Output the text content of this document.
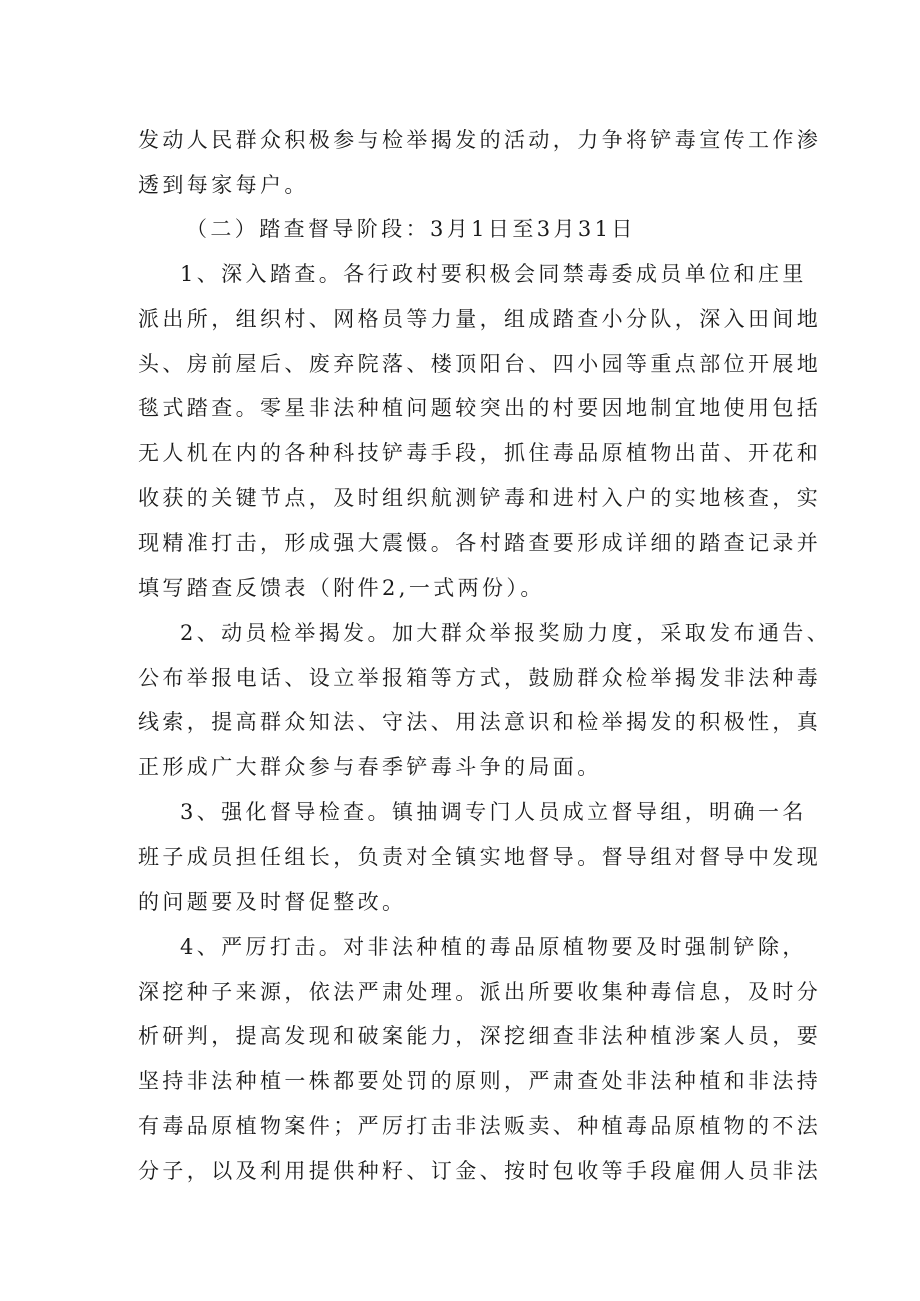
发动人民群众积极参与检举揭发的活动，力争将铲毒宣传工作渗
透到每家每户。
（二）踏查督导阶段：3月1日至3月31日
1、深入踏查。各行政村要积极会同禁毒委成员单位和庄里
派出所，组织村、网格员等力量，组成踏查小分队，深入田间地
头、房前屋后、废弃院落、楼顶阳台、四小园等重点部位开展地
毯式踏查。零星非法种植问题较突出的村要因地制宜地使用包括
无人机在内的各种科技铲毒手段，抓住毒品原植物出苗、开花和
收获的关键节点，及时组织航测铲毒和进村入户的实地核查，实
现精准打击，形成强大震慑。各村踏查要形成详细的踏查记录并
填写踏查反馈表（附件2,一式两份）。
2、动员检举揭发。加大群众举报奖励力度，采取发布通告、
公布举报电话、设立举报箱等方式，鼓励群众检举揭发非法种毒
线索，提高群众知法、守法、用法意识和检举揭发的积极性，真
正形成广大群众参与春季铲毒斗争的局面。
3、强化督导检查。镇抽调专门人员成立督导组，明确一名
班子成员担任组长，负责对全镇实地督导。督导组对督导中发现
的问题要及时督促整改。
4、严厉打击。对非法种植的毒品原植物要及时强制铲除，
深挖种子来源，依法严肃处理。派出所要收集种毒信息，及时分
析研判，提高发现和破案能力，深挖细查非法种植涉案人员，要
坚持非法种植一株都要处罚的原则，严肃查处非法种植和非法持
有毒品原植物案件；严厉打击非法贩卖、种植毒品原植物的不法
分子，以及利用提供种籽、订金、按时包收等手段雇佣人员非法
